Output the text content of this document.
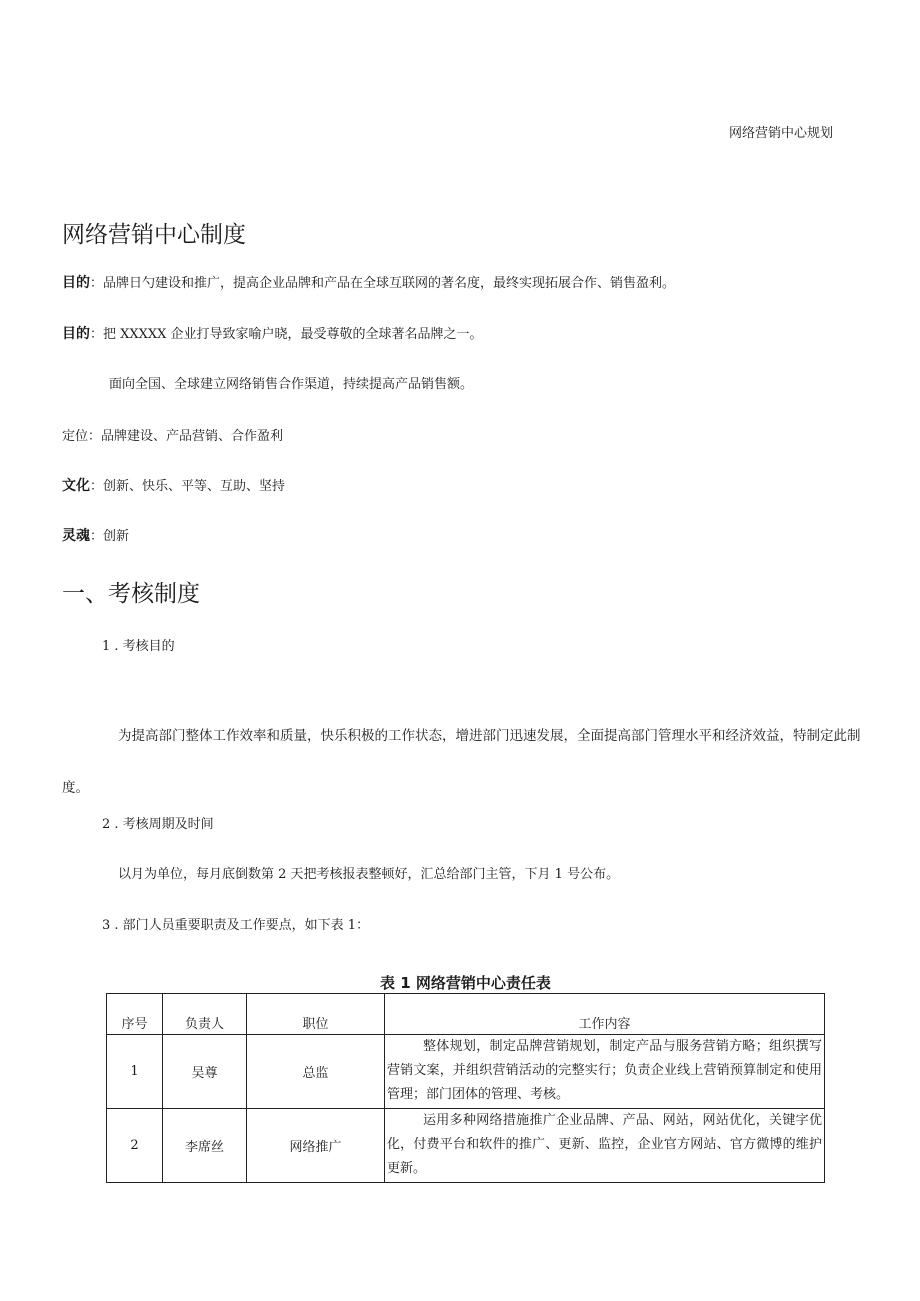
网络营销中心规划
网络营销中心制度
目的：品牌日勺建设和推广，提高企业品牌和产品在全球互联网的著名度，最终实现拓展合作、销售盈利。
目的：把 XXXXX 企业打导致家喻户晓，最受尊敬的全球著名品牌之一。
面向全国、全球建立网络销售合作渠道，持续提高产品销售额。
定位：品牌建设、产品营销、合作盈利
文化：创新、快乐、平等、互助、坚持
灵魂：创新
一、考核制度
1 . 考核目的
为提高部门整体工作效率和质量，快乐积极的工作状态，增进部门迅速发展，全面提高部门管理水平和经济效益，特制定此制度。
2 . 考核周期及时间
以月为单位，每月底倒数第 2 天把考核报表整顿好，汇总给部门主管，下月 1 号公布。
3 . 部门人员重要职责及工作要点，如下表 1：
表 1 网络营销中心责任表
序号	负责人	职位	工作内容
1	吴尊	总监	整体规划，制定品牌营销规划，制定产品与服务营销方略；组织撰写营销文案，并组织营销活动的完整实行；负责企业线上营销预算制定和使用管理；部门团体的管理、考核。
2	李席丝	网络推广	运用多种网络措施推广企业品牌、产品、网站，网站优化，关键字优化，付费平台和软件的推广、更新、监控，企业官方网站、官方微博的维护更新。
